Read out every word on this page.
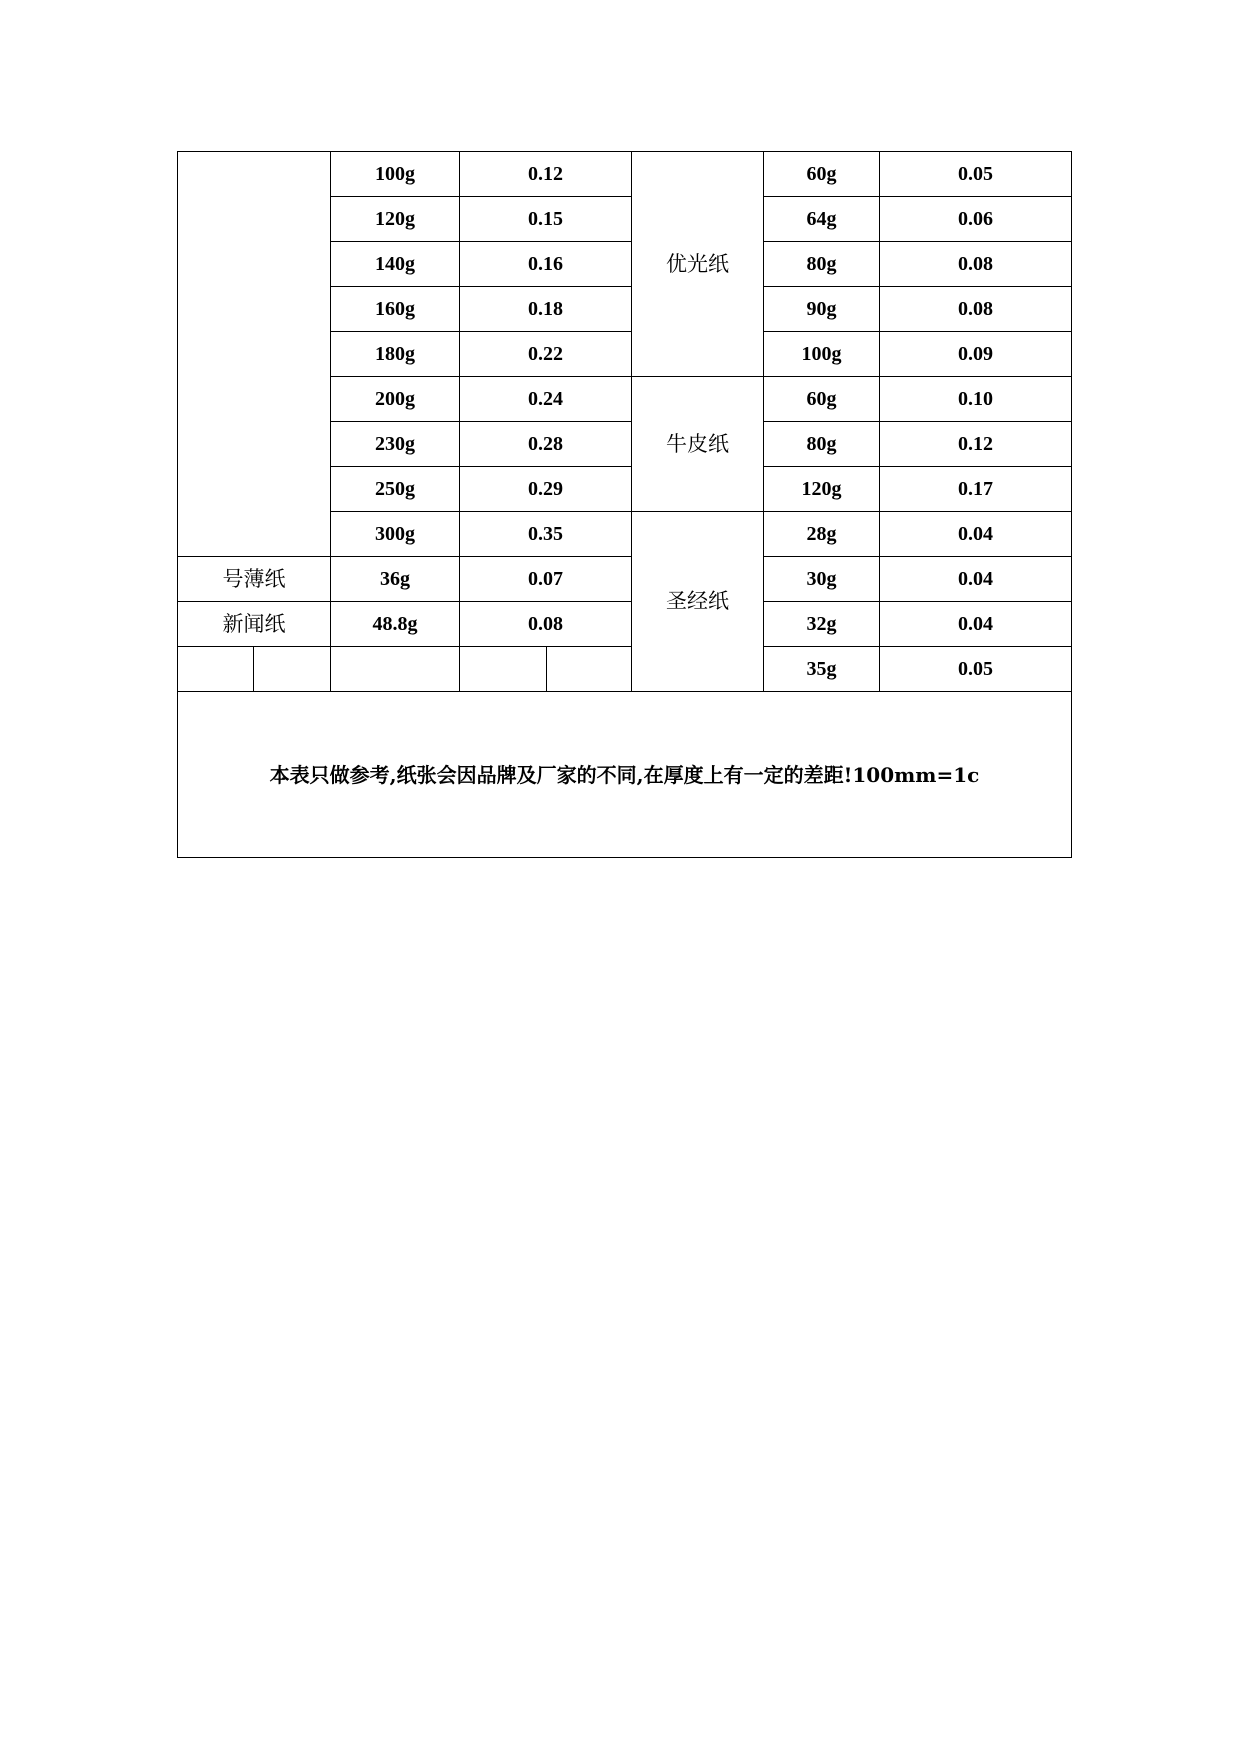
		100g	0.12		优光纸	60g	0.05
		120g	0.15			64g	0.06
		140g	0.16			80g	0.08
		160g	0.18			90g	0.08
		180g	0.22			100g	0.09
		200g	0.24		牛皮纸	60g	0.10
		230g	0.28			80g	0.12
		250g	0.29			120g	0.17
		300g	0.35		圣经纸	28g	0.04
号薄纸		36g	0.07			30g	0.04
新闻纸		48.8g	0.08			32g	0.04
						35g	0.05
本表只做参考,纸张会因品牌及厂家的不同,在厚度上有一定的差距!100mm=1c							
